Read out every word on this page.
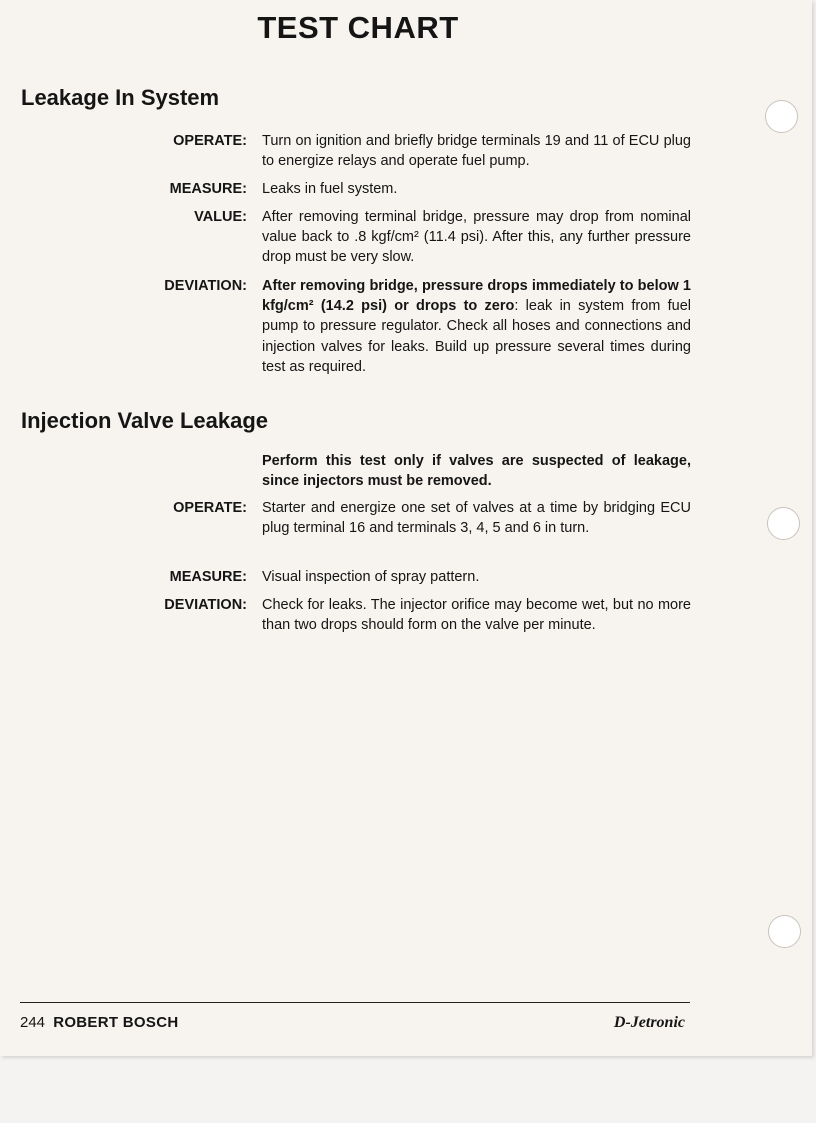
TEST CHART
Leakage In System
OPERATE: Turn on ignition and briefly bridge terminals 19 and 11 of ECU plug to energize relays and operate fuel pump.
MEASURE: Leaks in fuel system.
VALUE: After removing terminal bridge, pressure may drop from nominal value back to .8 kgf/cm² (11.4 psi). After this, any further pressure drop must be very slow.
DEVIATION: After removing bridge, pressure drops immediately to below 1 kfg/cm² (14.2 psi) or drops to zero: leak in system from fuel pump to pressure regulator. Check all hoses and connections and injection valves for leaks. Build up pressure several times during test as required.
Injection Valve Leakage
Perform this test only if valves are suspected of leakage, since injectors must be removed.
OPERATE: Starter and energize one set of valves at a time by bridging ECU plug terminal 16 and terminals 3, 4, 5 and 6 in turn.
MEASURE: Visual inspection of spray pattern.
DEVIATION: Check for leaks. The injector orifice may become wet, but no more than two drops should form on the valve per minute.
244 ROBERT BOSCH	D-Jetronic
